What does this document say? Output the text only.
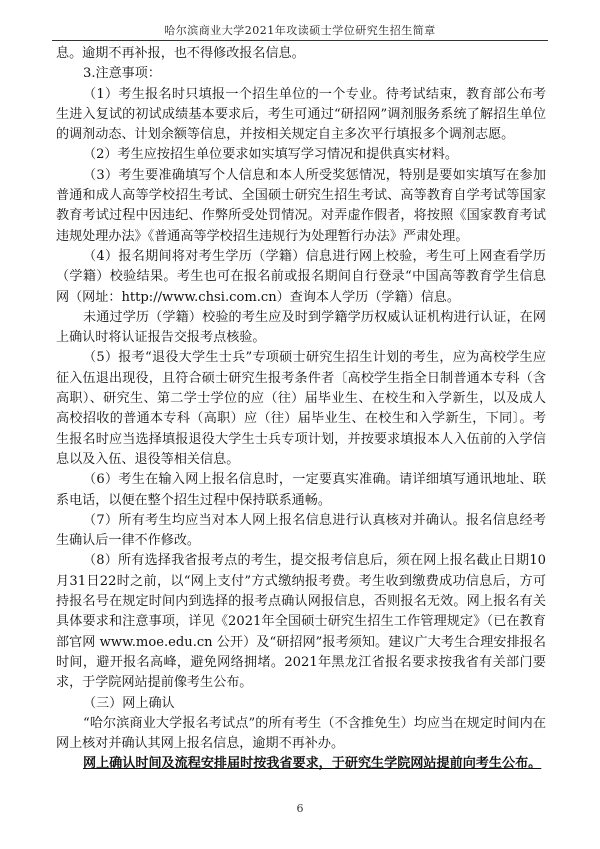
哈尔滨商业大学2021年攻读硕士学位研究生招生简章

息。逾期不再补报，也不得修改报名信息。

3.注意事项：

（1）考生报名时只填报一个招生单位的一个专业。待考试结束，教育部公布考生进入复试的初试成绩基本要求后，考生可通过“研招网”调剂服务系统了解招生单位的调剂动态、计划余额等信息，并按相关规定自主多次平行填报多个调剂志愿。

（2）考生应按招生单位要求如实填写学习情况和提供真实材料。

（3）考生要准确填写个人信息和本人所受奖惩情况，特别是要如实填写在参加普通和成人高等学校招生考试、全国硕士研究生招生考试、高等教育自学考试等国家教育考试过程中因违纪、作弊所受处罚情况。对弄虚作假者，将按照《国家教育考试违规处理办法》《普通高等学校招生违规行为处理暂行办法》严肃处理。

（4）报名期间将对考生学历（学籍）信息进行网上校验，考生可上网查看学历（学籍）校验结果。考生也可在报名前或报名期间自行登录“中国高等教育学生信息网（网址：http://www.chsi.com.cn）查询本人学历（学籍）信息。

未通过学历（学籍）校验的考生应及时到学籍学历权威认证机构进行认证，在网上确认时将认证报告交报考点核验。

（5）报考“退役大学生士兵”专项硕士研究生招生计划的考生，应为高校学生应征入伍退出现役，且符合硕士研究生报考条件者〔高校学生指全日制普通本专科（含高职）、研究生、第二学士学位的应（往）届毕业生、在校生和入学新生，以及成人高校招收的普通本专科（高职）应（往）届毕业生、在校生和入学新生，下同〕。考生报名时应当选择填报退役大学生士兵专项计划，并按要求填报本人入伍前的入学信息以及入伍、退役等相关信息。

（6）考生在输入网上报名信息时，一定要真实准确。请详细填写通讯地址、联系电话，以便在整个招生过程中保持联系通畅。

（7）所有考生均应当对本人网上报名信息进行认真核对并确认。报名信息经考生确认后一律不作修改。

（8）所有选择我省报考点的考生，提交报考信息后，须在网上报名截止日期10月31日22时之前，以“网上支付”方式缴纳报考费。考生收到缴费成功信息后，方可持报名号在规定时间内到选择的报考点确认网报信息，否则报名无效。网上报名有关具体要求和注意事项，详见《2021年全国硕士研究生招生工作管理规定》（已在教育部官网 www.moe.edu.cn 公开）及“研招网”报考须知。建议广大考生合理安排报名时间，避开报名高峰，避免网络拥堵。2021年黑龙江省报名要求按我省有关部门要求，于学院网站提前像考生公布。

（三）网上确认

“哈尔滨商业大学报名考试点”的所有考生（不含推免生）均应当在规定时间内在网上核对并确认其网上报名信息，逾期不再补办。

网上确认时间及流程安排届时按我省要求，于研究生学院网站提前向考生公布。

6
